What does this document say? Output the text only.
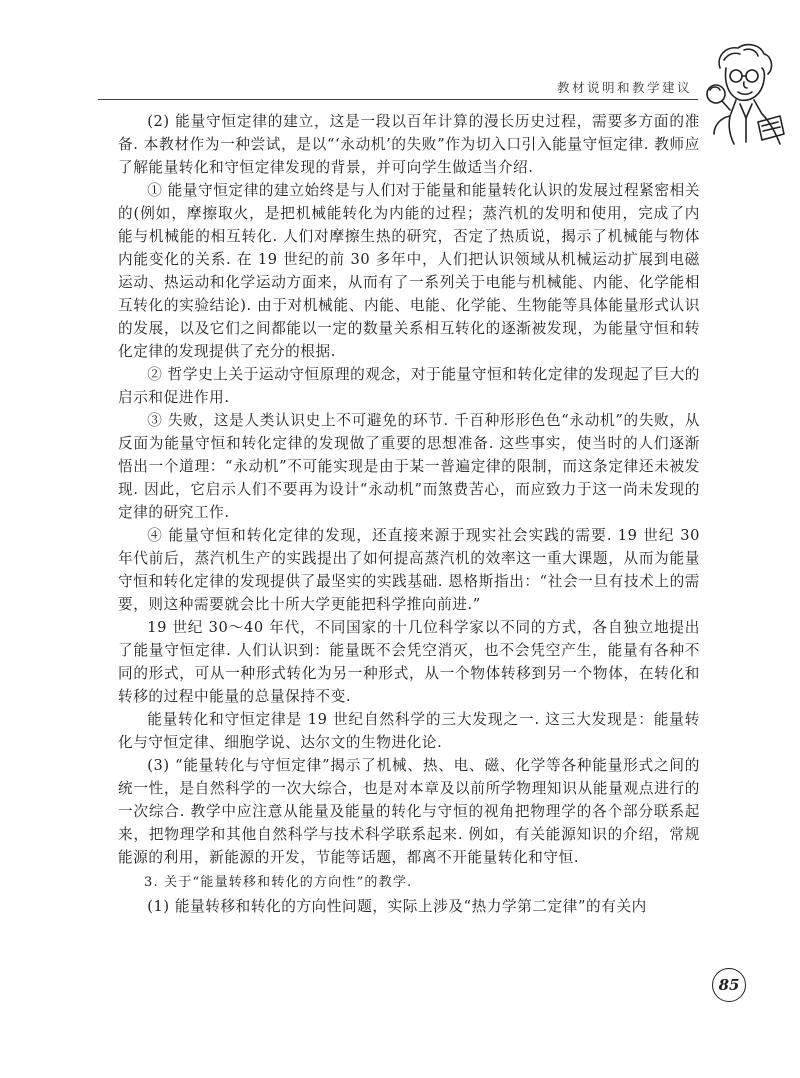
教材说明和教学建议

(2) 能量守恒定律的建立，这是一段以百年计算的漫长历史过程，需要多方面的准备. 本教材作为一种尝试，是以“‘永动机’的失败”作为切入口引入能量守恒定律. 教师应了解能量转化和守恒定律发现的背景，并可向学生做适当介绍.

① 能量守恒定律的建立始终是与人们对于能量和能量转化认识的发展过程紧密相关的(例如，摩擦取火，是把机械能转化为内能的过程；蒸汽机的发明和使用，完成了内能与机械能的相互转化. 人们对摩擦生热的研究，否定了热质说，揭示了机械能与物体内能变化的关系. 在 19 世纪的前 30 多年中，人们把认识领域从机械运动扩展到电磁运动、热运动和化学运动方面来，从而有了一系列关于电能与机械能、内能、化学能相互转化的实验结论). 由于对机械能、内能、电能、化学能、生物能等具体能量形式认识的发展，以及它们之间都能以一定的数量关系相互转化的逐渐被发现，为能量守恒和转化定律的发现提供了充分的根据.

② 哲学史上关于运动守恒原理的观念，对于能量守恒和转化定律的发现起了巨大的启示和促进作用.

③ 失败，这是人类认识史上不可避免的环节. 千百种形形色色“永动机”的失败，从反面为能量守恒和转化定律的发现做了重要的思想准备. 这些事实，使当时的人们逐渐悟出一个道理：“永动机”不可能实现是由于某一普遍定律的限制，而这条定律还未被发现. 因此，它启示人们不要再为设计“永动机”而煞费苦心，而应致力于这一尚未发现的定律的研究工作.

④ 能量守恒和转化定律的发现，还直接来源于现实社会实践的需要. 19 世纪 30 年代前后，蒸汽机生产的实践提出了如何提高蒸汽机的效率这一重大课题，从而为能量守恒和转化定律的发现提供了最坚实的实践基础. 恩格斯指出：“社会一旦有技术上的需要，则这种需要就会比十所大学更能把科学推向前进.”

19 世纪 30～40 年代，不同国家的十几位科学家以不同的方式，各自独立地提出了能量守恒定律. 人们认识到：能量既不会凭空消灭，也不会凭空产生，能量有各种不同的形式，可从一种形式转化为另一种形式，从一个物体转移到另一个物体，在转化和转移的过程中能量的总量保持不变.

能量转化和守恒定律是 19 世纪自然科学的三大发现之一. 这三大发现是：能量转化与守恒定律、细胞学说、达尔文的生物进化论.

(3) “能量转化与守恒定律”揭示了机械、热、电、磁、化学等各种能量形式之间的统一性，是自然科学的一次大综合，也是对本章及以前所学物理知识从能量观点进行的一次综合. 教学中应注意从能量及能量的转化与守恒的视角把物理学的各个部分联系起来，把物理学和其他自然科学与技术科学联系起来. 例如，有关能源知识的介绍，常规能源的利用，新能源的开发，节能等话题，都离不开能量转化和守恒.

3. 关于“能量转移和转化的方向性”的教学.

(1) 能量转移和转化的方向性问题，实际上涉及“热力学第二定律”的有关内

85
